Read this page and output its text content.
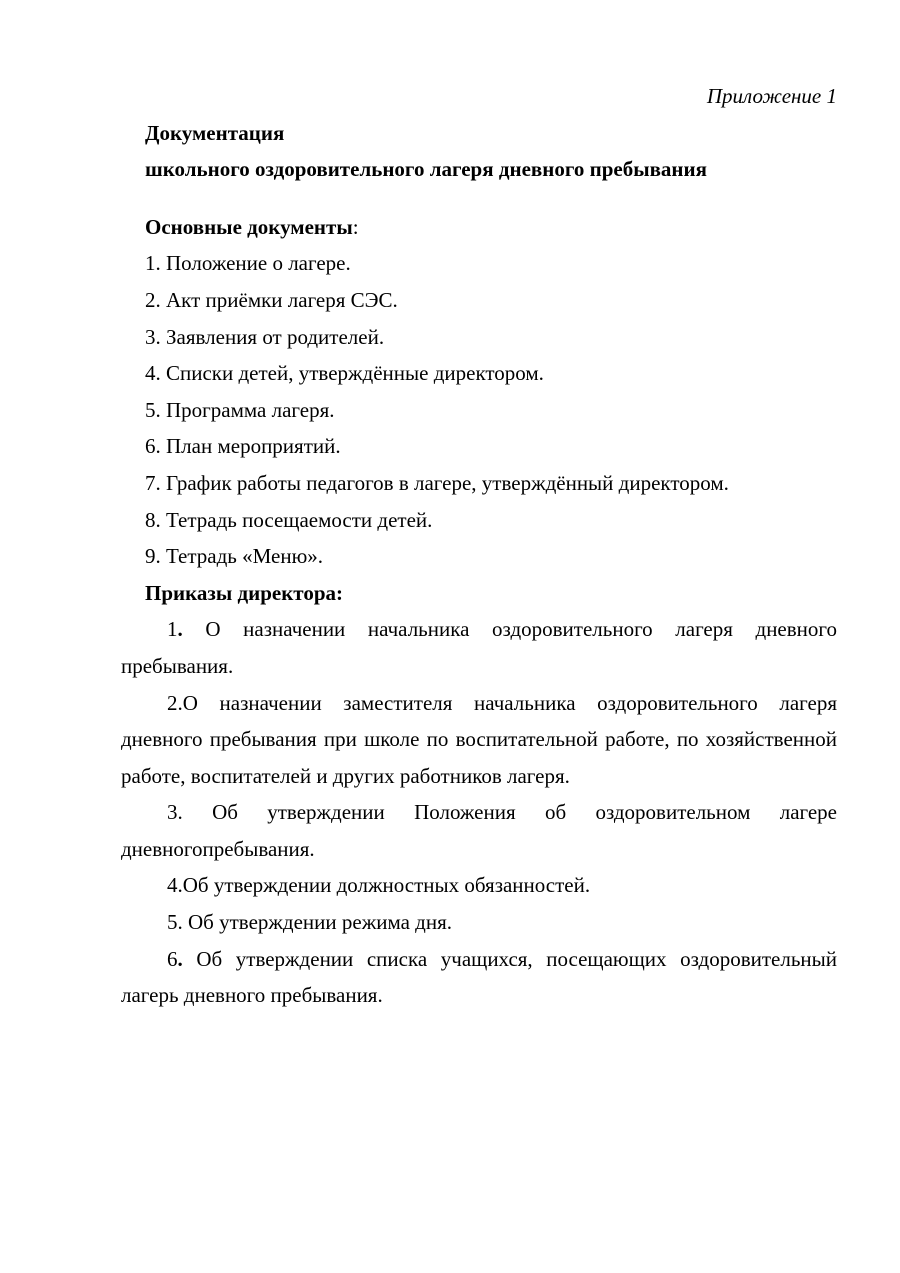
Приложение 1

Документация

школьного оздоровительного лагеря дневного пребывания

Основные документы:

1. Положение о лагере.

2. Акт приёмки лагеря СЭС.

3. Заявления от родителей.

4. Списки детей, утверждённые директором.

5. Программа лагеря.

6. План мероприятий.

7. График работы педагогов в лагере, утверждённый директором.

8. Тетрадь посещаемости детей.

9. Тетрадь «Меню».

Приказы директора:

1. О назначении начальника оздоровительного лагеря дневного пребывания.

2.О назначении заместителя начальника оздоровительного лагеря дневного пребывания при школе по воспитательной работе, по хозяйственной работе, воспитателей и других работников лагеря.

3. Об утверждении Положения об оздоровительном лагере дневногопребывания.

4.Об утверждении должностных обязанностей.

5. Об утверждении режима дня.

6. Об утверждении списка учащихся, посещающих оздоровительный лагерь дневного пребывания.
